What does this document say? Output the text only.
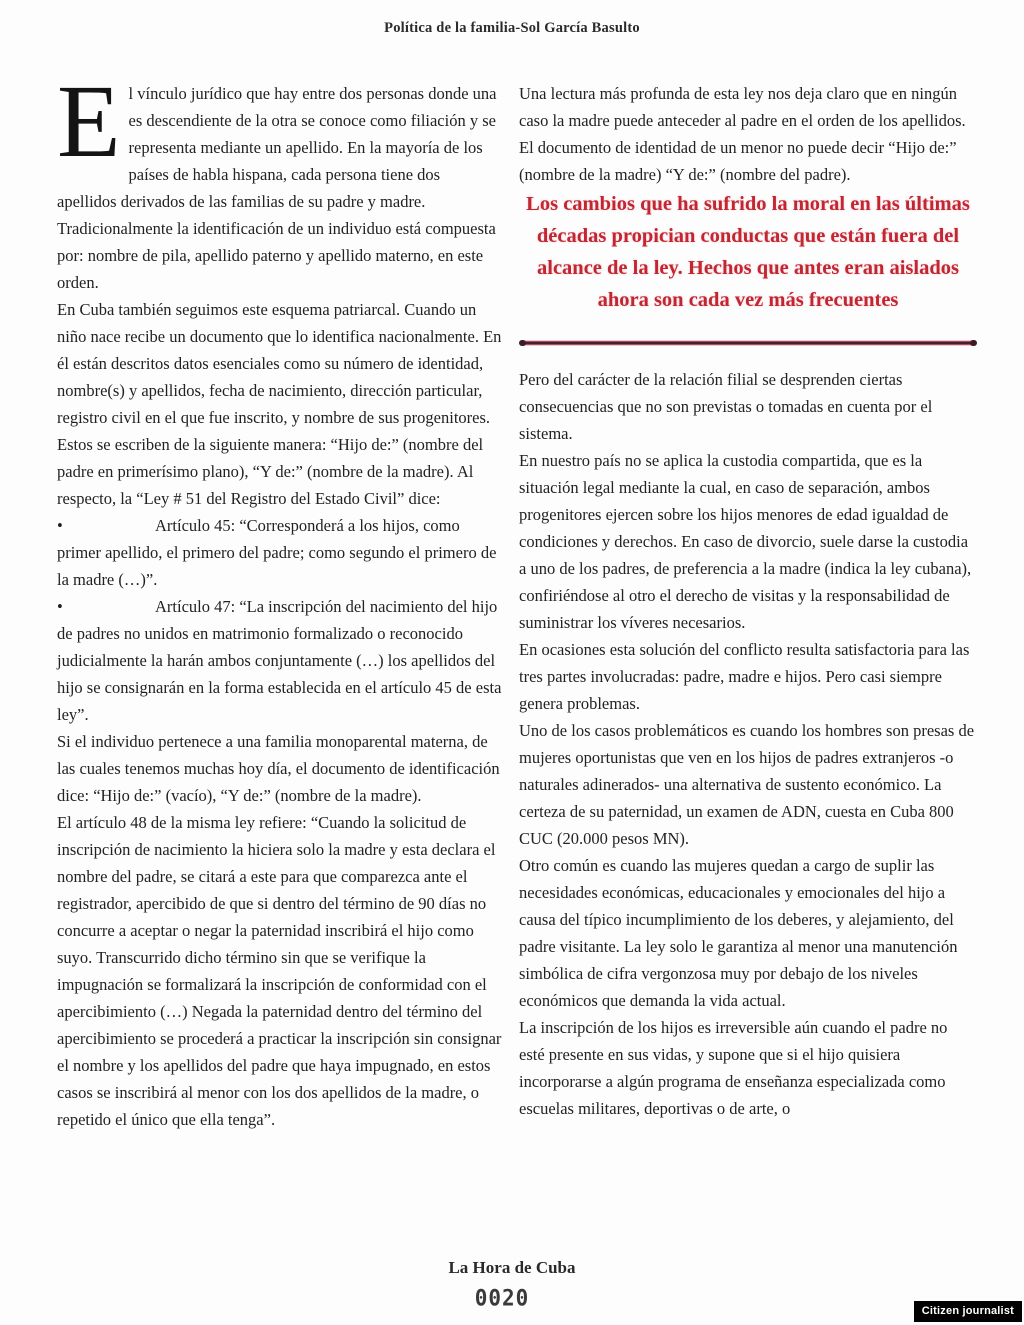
Política de la familia-Sol García Basulto

El vínculo jurídico que hay entre dos personas donde una es descendiente de la otra se conoce como filiación y se representa mediante un apellido. En la mayoría de los países de habla hispana, cada persona tiene dos apellidos derivados de las familias de su padre y madre. Tradicionalmente la identificación de un individuo está compuesta por: nombre de pila, apellido paterno y apellido materno, en este orden.

En Cuba también seguimos este esquema patriarcal. Cuando un niño nace recibe un documento que lo identifica nacionalmente. En él están descritos datos esenciales como su número de identidad, nombre(s) y apellidos, fecha de nacimiento, dirección particular, registro civil en el que fue inscrito, y nombre de sus progenitores. Estos se escriben de la siguiente manera: “Hijo de:” (nombre del padre en primerísimo plano), “Y de:” (nombre de la madre). Al respecto, la “Ley # 51 del Registro del Estado Civil” dice:

•	Artículo 45: “Corresponderá a los hijos, como primer apellido, el primero del padre; como segundo el primero de la madre (…)”.

•	Artículo 47: “La inscripción del nacimiento del hijo de padres no unidos en matrimonio formalizado o reconocido judicialmente la harán ambos conjuntamente (…) los apellidos del hijo se consignarán en la forma establecida en el artículo 45 de esta ley”.

Si el individuo pertenece a una familia monoparental materna, de las cuales tenemos muchas hoy día, el documento de identificación dice: “Hijo de:” (vacío), “Y de:” (nombre de la madre).

El artículo 48 de la misma ley refiere: “Cuando la solicitud de inscripción de nacimiento la hiciera solo la madre y esta declara el nombre del padre, se citará a este para que comparezca ante el registrador, apercibido de que si dentro del término de 90 días no concurre a aceptar o negar la paternidad inscribirá el hijo como suyo. Transcurrido dicho término sin que se verifique la impugnación se formalizará la inscripción de conformidad con el apercibimiento (…) Negada la paternidad dentro del término del apercibimiento se procederá a practicar la inscripción sin consignar el nombre y los apellidos del padre que haya impugnado, en estos casos se inscribirá al menor con los dos apellidos de la madre, o repetido el único que ella tenga”.

Una lectura más profunda de esta ley nos deja claro que en ningún caso la madre puede anteceder al padre en el orden de los apellidos. El documento de identidad de un menor no puede decir “Hijo de:” (nombre de la madre) “Y de:” (nombre del padre).

Los cambios que ha sufrido la moral en las últimas décadas propician conductas que están fuera del alcance de la ley. Hechos que antes eran aislados ahora son cada vez más frecuentes

Pero del carácter de la relación filial se desprenden ciertas consecuencias que no son previstas o tomadas en cuenta por el sistema.

En nuestro país no se aplica la custodia compartida, que es la situación legal mediante la cual, en caso de separación, ambos progenitores ejercen sobre los hijos menores de edad igualdad de condiciones y derechos. En caso de divorcio, suele darse la custodia a uno de los padres, de preferencia a la madre (indica la ley cubana), confiriéndose al otro el derecho de visitas y la responsabilidad de suministrar los víveres necesarios.

En ocasiones esta solución del conflicto resulta satisfactoria para las tres partes involucradas: padre, madre e hijos. Pero casi siempre genera problemas.

Uno de los casos problemáticos es cuando los hombres son presas de mujeres oportunistas que ven en los hijos de padres extranjeros -o naturales adinerados- una alternativa de sustento económico. La certeza de su paternidad, un examen de ADN, cuesta en Cuba 800 CUC (20.000 pesos MN).

Otro común es cuando las mujeres quedan a cargo de suplir las necesidades económicas, educacionales y emocionales del hijo a causa del típico incumplimiento de los deberes, y alejamiento, del padre visitante. La ley solo le garantiza al menor una manutención simbólica de cifra vergonzosa muy por debajo de los niveles económicos que demanda la vida actual.

La inscripción de los hijos es irreversible aún cuando el padre no esté presente en sus vidas, y supone que si el hijo quisiera incorporarse a algún programa de enseñanza especializada como escuelas militares, deportivas o de arte, o

La Hora de Cuba
0020
Citizen journalist
